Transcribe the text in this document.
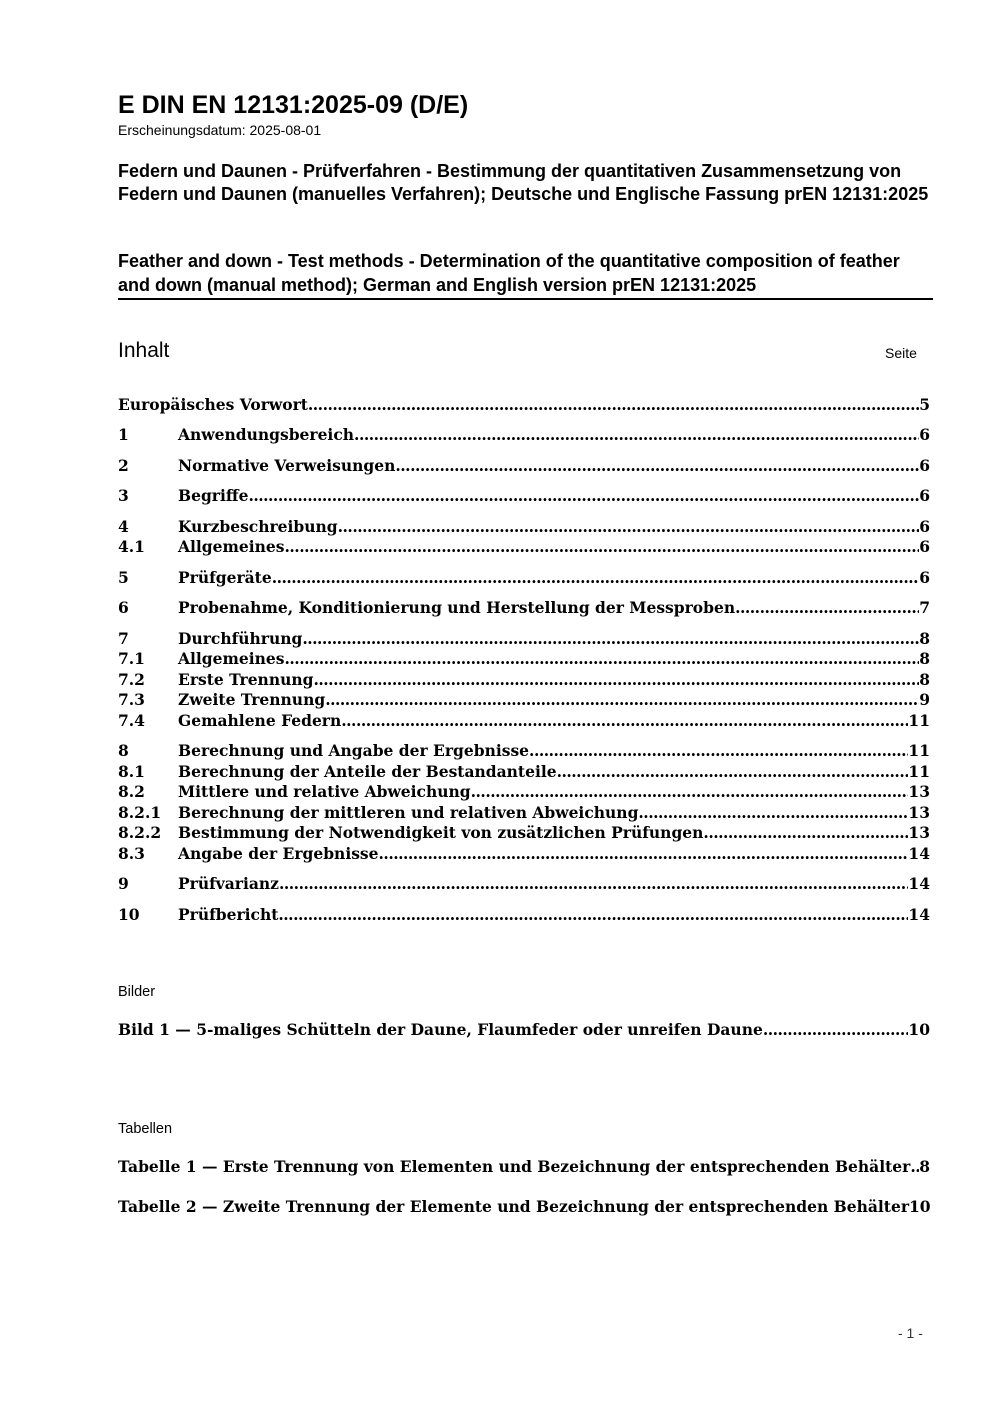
E DIN EN 12131:2025-09 (D/E)
Erscheinungsdatum: 2025-08-01
Federn und Daunen - Prüfverfahren - Bestimmung der quantitativen Zusammensetzung von Federn und Daunen (manuelles Verfahren); Deutsche und Englische Fassung prEN 12131:2025
Feather and down - Test methods - Determination of the quantitative composition of feather and down (manual method); German and English version prEN 12131:2025
Inhalt	Seite
Europäisches Vorwort .....	5
1	Anwendungsbereich .....	6
2	Normative Verweisungen .....	6
3	Begriffe .....	6
4	Kurzbeschreibung .....	6
4.1	Allgemeines .....	6
5	Prüfgeräte .....	6
6	Probenahme, Konditionierung und Herstellung der Messproben .....	7
7	Durchführung .....	8
7.1	Allgemeines .....	8
7.2	Erste Trennung .....	8
7.3	Zweite Trennung .....	9
7.4	Gemahlene Federn .....	11
8	Berechnung und Angabe der Ergebnisse .....	11
8.1	Berechnung der Anteile der Bestandanteile .....	11
8.2	Mittlere und relative Abweichung .....	13
8.2.1	Berechnung der mittleren und relativen Abweichung .....	13
8.2.2	Bestimmung der Notwendigkeit von zusätzlichen Prüfungen .....	13
8.3	Angabe der Ergebnisse .....	14
9	Prüfvarianz .....	14
10	Prüfbericht .....	14
Bild 1 — 5-maliges Schütteln der Daune, Flaumfeder oder unreifen Daune .....	10
Tabelle 1 — Erste Trennung von Elementen und Bezeichnung der entsprechenden Behälter ..... 8
Tabelle 2 — Zweite Trennung der Elemente und Bezeichnung der entsprechenden Behälter 10
Bilder
Tabellen
- 1 -
